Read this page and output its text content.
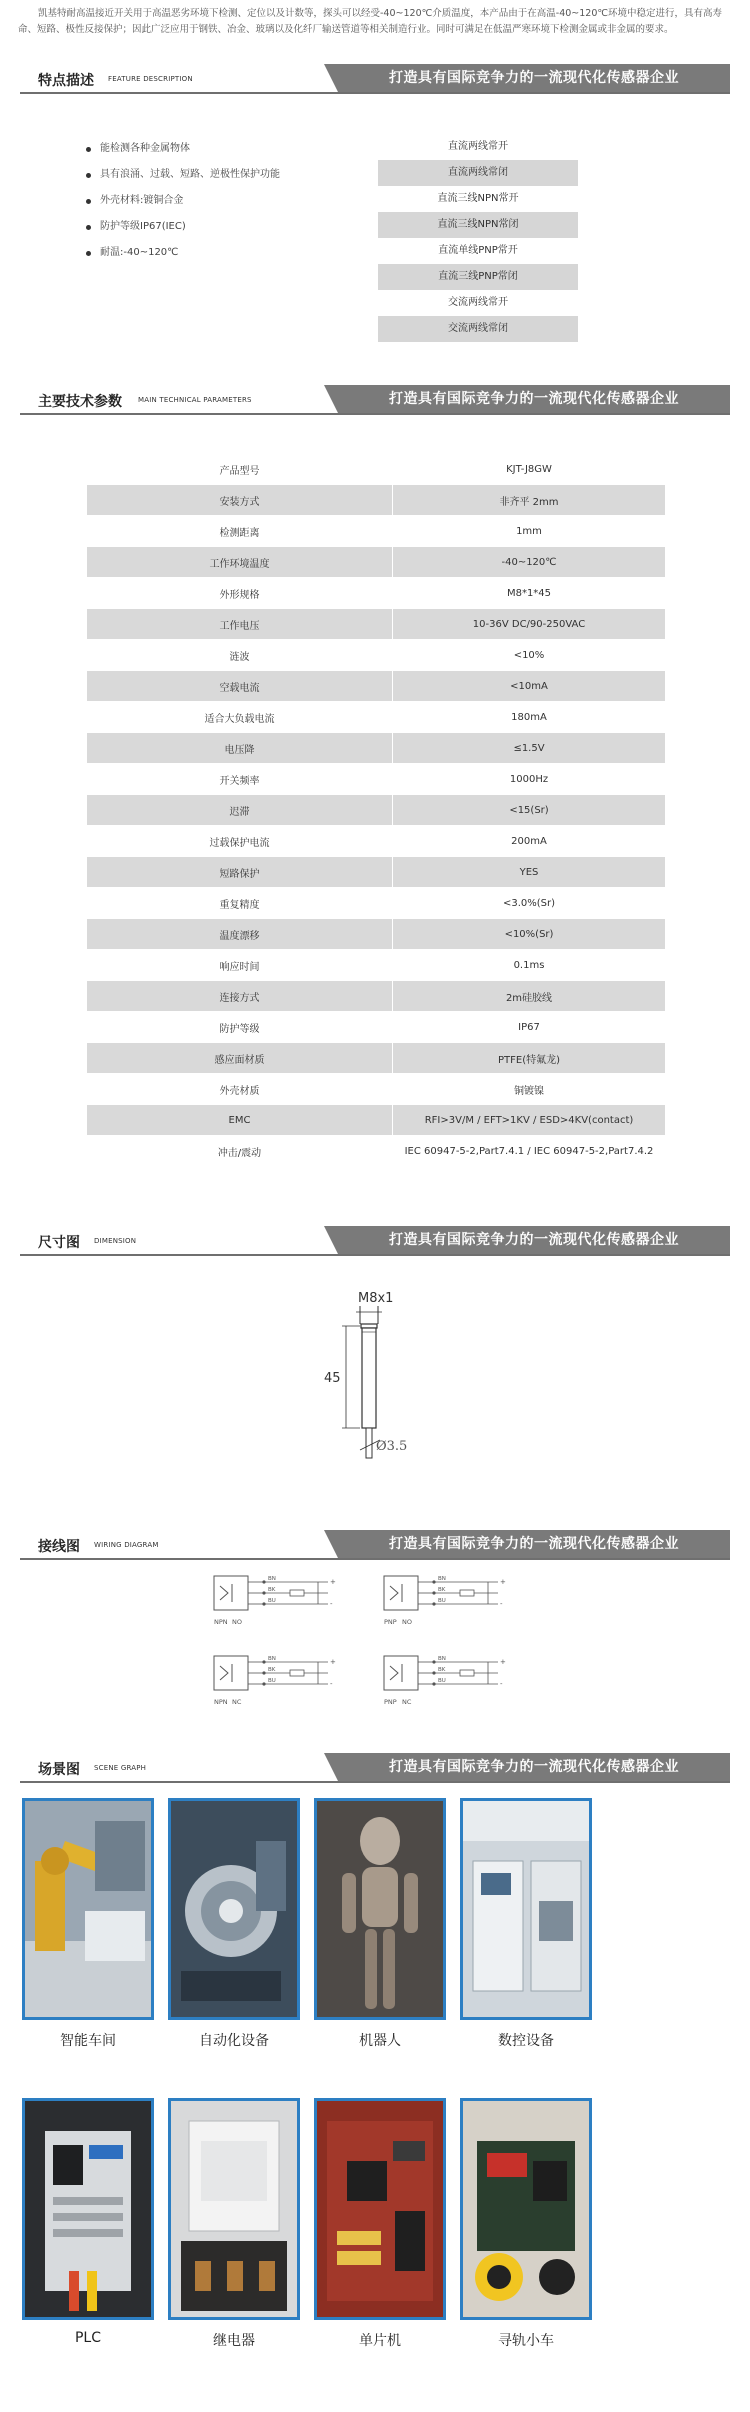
凯基特耐高温接近开关用于高温恶劣环境下检测、定位以及计数等，探头可以经受-40~120℃介质温度，本产品由于在高温-40~120℃环境中稳定进行，具有高寿命、短路、极性反接保护；因此广泛应用于钢铁、冶金、玻璃以及化纤厂输送管道等相关制造行业。同时可满足在低温严寒环境下检测金属或非金属的要求。

特点描述 FEATURE DESCRIPTION	打造具有国际竞争力的一流现代化传感器企业
能检测各种金属物体
具有浪涌、过载、短路、逆极性保护功能
外壳材料:镀铜合金
防护等级IP67(IEC)
耐温:-40~120℃
直流两线常开
直流两线常闭
直流三线NPN常开
直流三线NPN常闭
直流单线PNP常开
直流三线PNP常闭
交流两线常开
交流两线常闭
主要技术参数 MAIN TECHNICAL PARAMETERS	打造具有国际竞争力的一流现代化传感器企业
产品型号	KJT-J8GW
安装方式	非齐平 2mm
检测距离	1mm
工作环境温度	-40~120℃
外形规格	M8*1*45
工作电压	10-36V DC/90-250VAC
涟波	<10%
空载电流	<10mA
适合大负载电流	180mA
电压降	≤1.5V
开关频率	1000Hz
迟滞	<15(Sr)
过载保护电流	200mA
短路保护	YES
重复精度	<3.0%(Sr)
温度漂移	<10%(Sr)
响应时间	0.1ms
连接方式	2m硅胶线
防护等级	IP67
感应面材质	PTFE(特氟龙)
外壳材质	铜镀镍
EMC	RFI>3V/M / EFT>1KV / ESD>4KV(contact)
冲击/震动	IEC 60947-5-2,Part7.4.1 / IEC 60947-5-2,Part7.4.2
尺寸图 DIMENSION	打造具有国际竞争力的一流现代化传感器企业
M8x1
45
Ø3.5
接线图 WIRING DIAGRAM	打造具有国际竞争力的一流现代化传感器企业
BN
BK
BU
+
-
NPN NO
BN
BK
BU
+
-
PNP NO
BN
BK
BU
+
-
NPN NC
BN
BK
BU
+
-
PNP NC
场景图 SCENE GRAPH	打造具有国际竞争力的一流现代化传感器企业
智能车间	自动化设备	机器人	数控设备
PLC	继电器	单片机	寻轨小车
